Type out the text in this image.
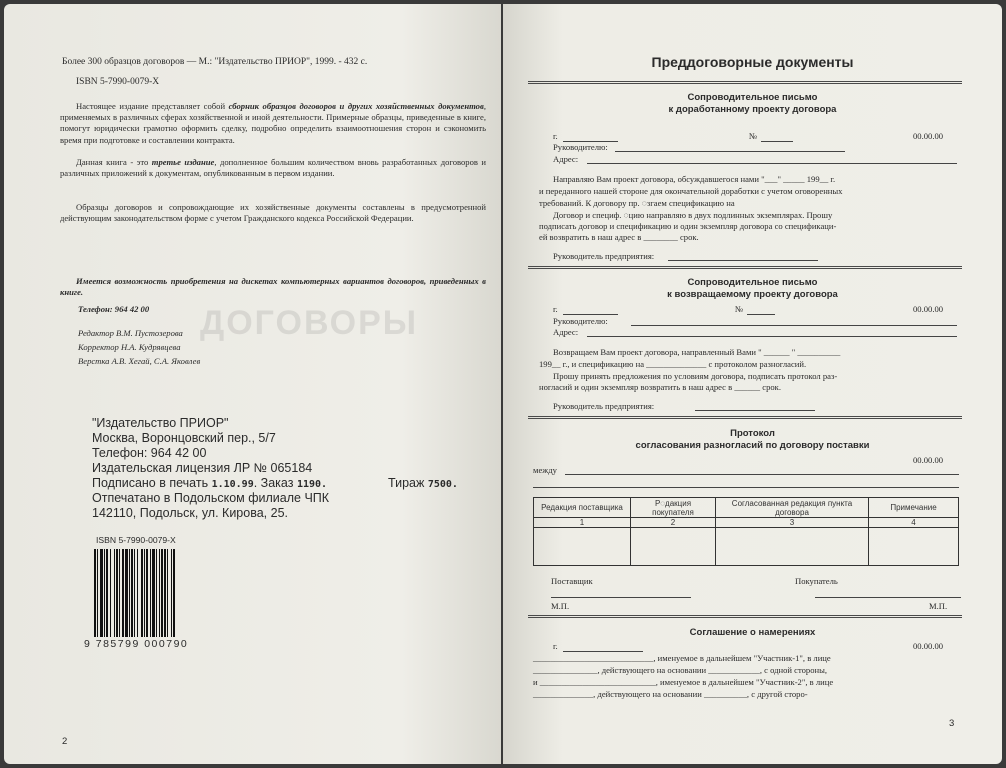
ДОГОВОРЫ
Более 300 образцов договоров — М.: "Издательство ПРИОР", 1999. - 432 с.
ISBN 5-7990-0079-X
Настоящее издание представляет собой сборник образцов договоров и других хозяйственных документов, применяемых в различных сферах хозяйственной и иной деятельности. Примерные образцы, приведенные в книге, помогут юридически грамотно оформить сделку, подробно определить взаимоотношения сторон и сэкономить время при подготовке и составлении контракта.
Данная книга - это третье издание, дополненное большим количеством вновь разработанных договоров и различных приложений к документам, опубликованным в первом издании.
Образцы договоров и сопровождающие их хозяйственные документы составлены в предусмотренной действующим законодательством форме с учетом Гражданского кодекса Российской Федерации.
Имеется возможность приобретения на дискетах компьютерных вариантов договоров, приведенных в книге.
Телефон: 964 42 00
Редактор В.М. Пустозерова
Корректор Н.А. Кудрявцева
Верстка А.В. Хегай, С.А. Яковлев
"Издательство ПРИОР"
Москва, Воронцовский пер., 5/7
Телефон: 964 42 00
Издательская лицензия ЛР № 065184
Подписано в печать 1.10.99. Заказ 1190.	Тираж 7500.
Отпечатано в Подольском филиале ЧПК
142110, Подольск, ул. Кирова, 25.
ISBN 5-7990-0079-X
9 785799 000790
2
Преддоговорные документы
Сопроводительное письмо
к доработанному проекту договора
г.	№	00.00.00
Руководителю:
Адрес:
Направляю Вам проект договора, обсуждавшегося нами "___" _____ 199__ г.
и переданного нашей стороне для окончательной доработки с учетом оговоренных
требований. К договору пр. ◌згаем спецификацию на
Договор и специф. ◌цию направляю в двух подлинных экземплярах. Прошу
подписать договор и спецификацию и один экземпляр договора со спецификаци-
ей возвратить в наш адрес в ________ срок.
Руководитель предприятия:
Сопроводительное письмо
к возвращаемому проекту договора
г.	№	00.00.00
Руководителю:
Адрес:
Возвращаем Вам проект договора, направленный Вами " ______ " __________
199__ г., и спецификацию на ______________ с протоколом разногласий.
Прошу принять предложения по условиям договора, подписать протокол раз-
ногласий и один экземпляр возвратить в наш адрес в ______ срок.
Руководитель предприятия:
Протокол
согласования разногласий по договору поставки
00.00.00
между
Редакция поставщика	Р◌дакция покупателя	Согласованная редакция пункта договора	Примечание
1	2	3	4

Поставщик	Покупатель
М.П.	М.П.
Соглашение о намерениях
г.	00.00.00
____________________________, именуемое в дальнейшем "Участник-1", в лице
_______________, действующего на основании ____________, с одной стороны,
и ___________________________, именуемое в дальнейшем "Участник-2", в лице
______________, действующего на основании __________, с другой сторо-
3
